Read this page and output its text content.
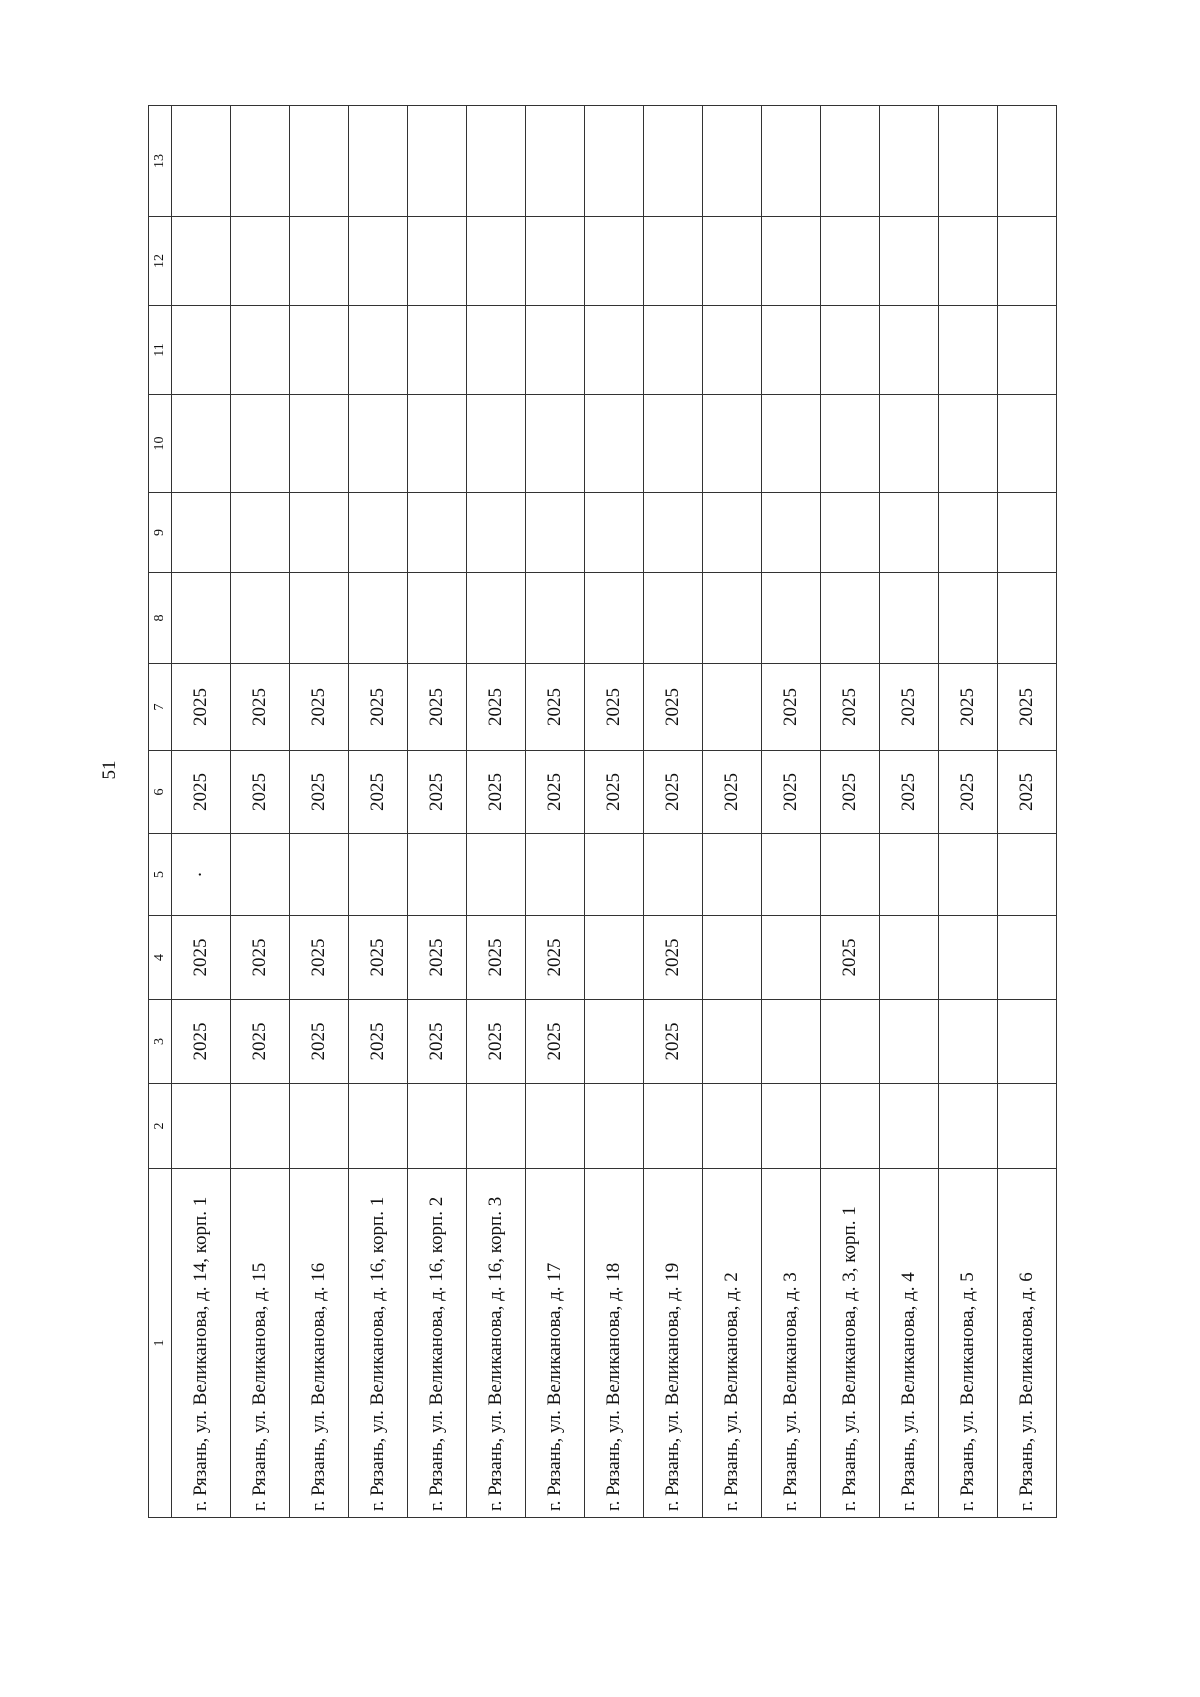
51
1	2	3	4	5	6	7	8	9	10	11	12	13
г. Рязань, ул. Великанова, д. 14, корп. 1		2025	2025	·	2025	2025						
г. Рязань, ул. Великанова, д. 15		2025	2025		2025	2025						
г. Рязань, ул. Великанова, д. 16		2025	2025		2025	2025						
г. Рязань, ул. Великанова, д. 16, корп. 1		2025	2025		2025	2025						
г. Рязань, ул. Великанова, д. 16, корп. 2		2025	2025		2025	2025						
г. Рязань, ул. Великанова, д. 16, корп. 3		2025	2025		2025	2025						
г. Рязань, ул. Великанова, д. 17		2025	2025		2025	2025						
г. Рязань, ул. Великанова, д. 18					2025	2025						
г. Рязань, ул. Великанова, д. 19		2025	2025		2025	2025						
г. Рязань, ул. Великанова, д. 2					2025							
г. Рязань, ул. Великанова, д. 3					2025	2025						
г. Рязань, ул. Великанова, д. 3, корп. 1			2025		2025	2025						
г. Рязань, ул. Великанова, д. 4					2025	2025						
г. Рязань, ул. Великанова, д. 5					2025	2025						
г. Рязань, ул. Великанова, д. 6					2025	2025						
